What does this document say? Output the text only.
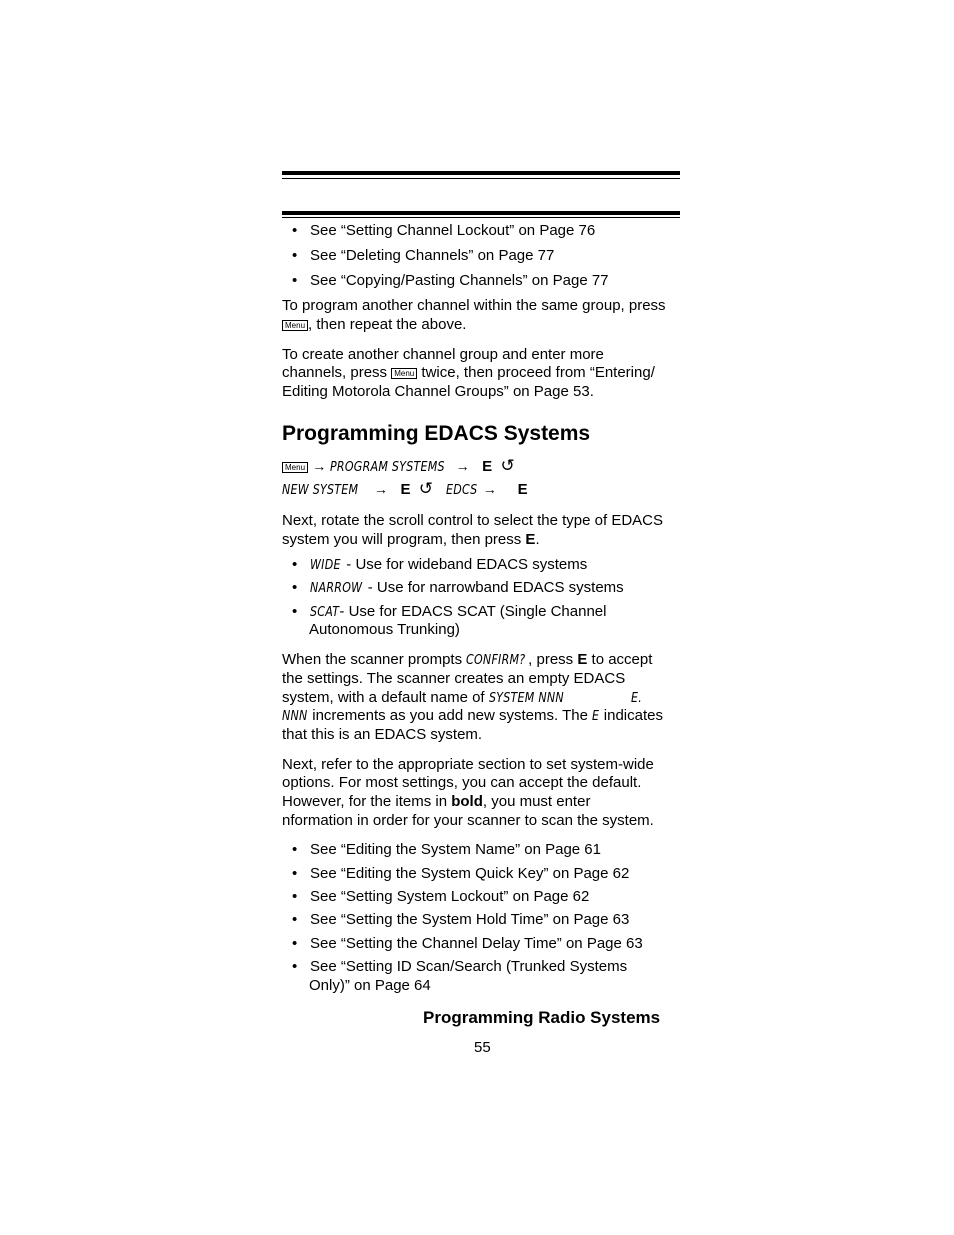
• See “Setting Channel Lockout” on Page 76
• See “Deleting Channels” on Page 77
• See “Copying/Pasting Channels” on Page 77
To program another channel within the same group, press
Menu , then repeat the above.
To create another channel group and enter more
channels, press Menu twice, then proceed from “Entering/
Editing Motorola Channel Groups” on Page 53.
Programming EDACS Systems
Menu → PROGRAM SYSTEMS → E ↺
NEW SYSTEM → E ↺ EDCS → E
Next, rotate the scroll control to select the type of EDACS
system you will program, then press E.
• WIDE - Use for wideband EDACS systems
• NARROW - Use for narrowband EDACS systems
• SCAT- Use for EDACS SCAT (Single Channel
Autonomous Trunking)
When the scanner prompts CONFIRM? , press E to accept
the settings. The scanner creates an empty EDACS
system, with a default name of SYSTEM NNN	E.
NNN increments as you add new systems. The E indicates
that this is an EDACS system.
Next, refer to the appropriate section to set system-wide
options. For most settings, you can accept the default.
However, for the items in bold, you must enter
nformation in order for your scanner to scan the system.
• See “Editing the System Name” on Page 61
• See “Editing the System Quick Key” on Page 62
• See “Setting System Lockout” on Page 62
• See “Setting the System Hold Time” on Page 63
• See “Setting the Channel Delay Time” on Page 63
• See “Setting ID Scan/Search (Trunked Systems
Only)” on Page 64
Programming Radio Systems
55
